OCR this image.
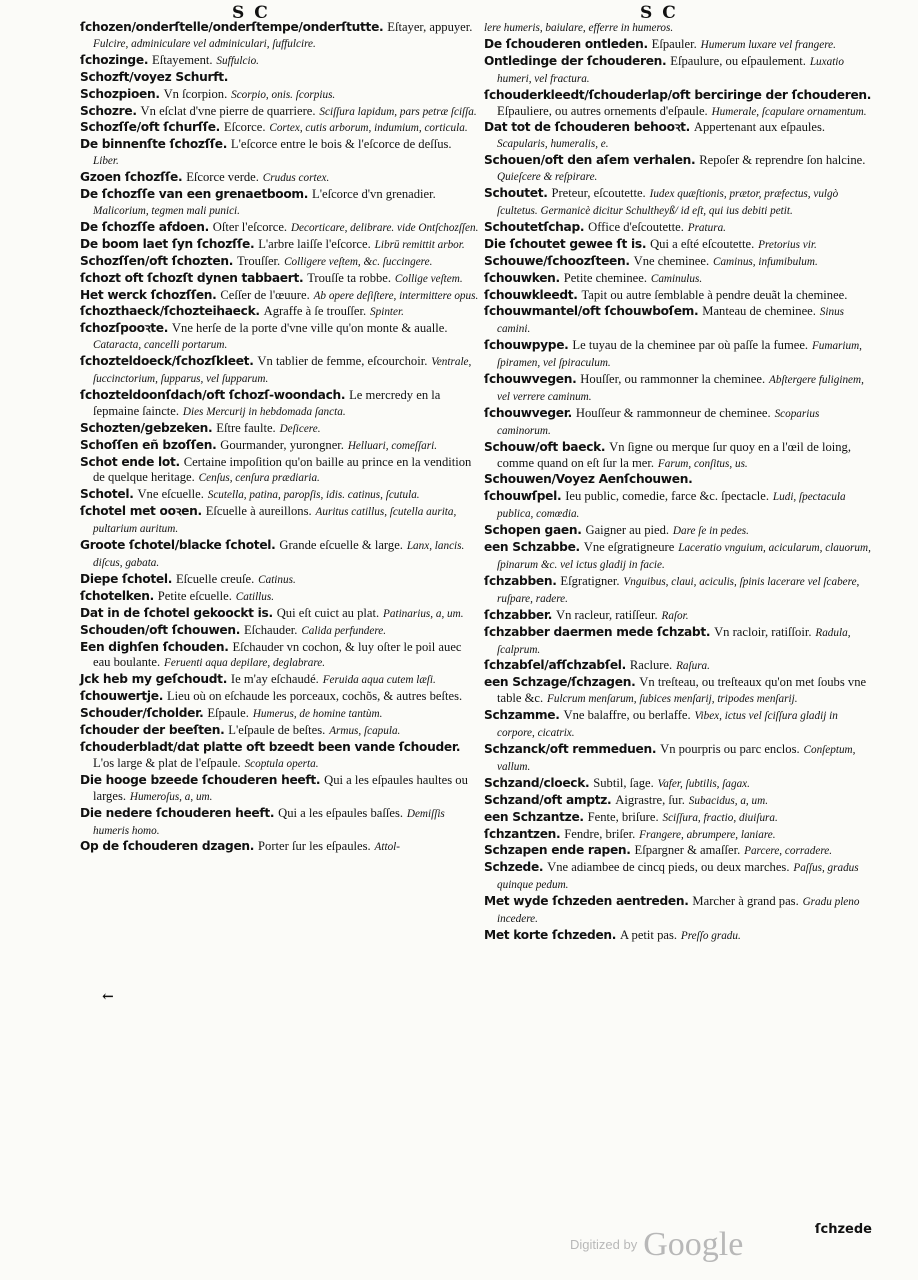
S C	S C

ſchozen/onderſtelle/onderſtempe/onderſtutte. Eſtayer, appuyer. Fulcire, adminiculare vel adminiculari, ſuffulcire.

ſchozinge. Eſtayement. Suffulcio.

Schozft/voyez Schurft.

Schozpioen. Vn ſcorpion. Scorpio, onis. ſcorpius.

Schozre. Vn eſclat d'vne pierre de quarriere. Sciſſura lapidum, pars petræ ſciſſa.

Schozſſe/oft ſchurſſe. Eſcorce. Cortex, cutis arborum, indumium, corticula.

De binnenſte ſchozſſe. L'eſcorce entre le bois & l'eſcorce de deſſus. Liber.

Gzoen ſchozſſe. Eſcorce verde. Crudus cortex.

De ſchozſſe van een grenaetboom. L'eſcorce d'vn grenadier. Malicorium, tegmen mali punici.

De ſchozſſe afdoen. Oſter l'eſcorce. Decorticare, delibrare. vide Ontſchozſſen.

De boom laet ſyn ſchozſſe. L'arbre laiſſe l'eſcorce. Librū remittit arbor.

Schozſſen/oft ſchozten. Trouſſer. Colligere veſtem, &c. ſuccingere.

ſchozt oft ſchozſt dynen tabbaert. Trouſſe ta robbe. Collige veſtem.

Het werck ſchozſſen. Ceſſer de l'œuure. Ab opere deſiſtere, intermittere opus.

ſchozthaeck/ſchozteihaeck. Agraffe à ſe trouſſer. Spinter.

ſchozſpooꝛte. Vne herſe de la porte d'vne ville qu'on monte & aualle. Cataracta, cancelli portarum.

ſchozteldoeck/ſchozſkleet. Vn tablier de femme, eſcourchoir. Ventrale, ſuccinctorium, ſupparus, vel ſupparum.

ſchozteldoonſdach/oft ſchozſ-woondach. Le mercredy en la ſepmaine ſaincte. Dies Mercurij in hebdomada ſancta.

Schozten/gebzeken. Eſtre faulte. Deſicere.

Schoſſen eñ bzoſſen. Gourmander, yurongner. Helluari, comeſſari.

Schot ende lot. Certaine impoſition qu'on baille au prince en la vendition de quelque heritage. Cenſus, cenſura prædiaria.

Schotel. Vne eſcuelle. Scutella, patina, paropſis, idis. catinus, ſcutula.

ſchotel met ooꝛen. Eſcuelle à aureillons. Auritus catillus, ſcutella aurita, pultarium auritum.

Groote ſchotel/blacke ſchotel. Grande eſcuelle & large. Lanx, lancis. diſcus, gabata.

Diepe ſchotel. Eſcuelle creuſe. Catinus.

ſchotelken. Petite eſcuelle. Catillus.

Dat in de ſchotel gekoockt is. Qui eſt cuict au plat. Patinarius, a, um.

Schouden/oft ſchouwen. Eſchauder. Calida perfundere.

Een dighſen ſchouden. Eſchauder vn cochon, & luy oſter le poil auec eau boulante. Feruenti aqua depilare, deglabrare.

Jck heb my geſchoudt. Ie m'ay eſchaudé. Feruida aqua cutem læſi.

ſchouwertje. Lieu où on eſchaude les porceaux, cochõs, & autres beſtes.

Schouder/ſcholder. Eſpaule. Humerus, de homine tantùm.

ſchouder der beeſten. L'eſpaule de beſtes. Armus, ſcapula.

ſchouderbladt/dat platte oft bzeedt been vande ſchouder. L'os large & plat de l'eſpaule. Scoptula operta.

Die hooge bzeede ſchouderen heeft. Qui a les eſpaules haultes ou larges. Humeroſus, a, um.

Die nedere ſchouderen heeft. Qui a les eſpaules baſſes. Demiſſis humeris homo.

Op de ſchouderen dzagen. Porter ſur les eſpaules. Attol-

lere humeris, baiulare, efferre in humeros.

De ſchouderen ontleden. Eſpauler. Humerum luxare vel frangere.

Ontledinge der ſchouderen. Eſpaulure, ou eſpaulement. Luxatio humeri, vel fractura.

ſchouderkleedt/ſchouderlap/oft berciringe der ſchouderen. Eſpauliere, ou autres ornements d'eſpaule. Humerale, ſcapulare ornamentum.

Dat tot de ſchouderen behooꝛt. Appertenant aux eſpaules. Scapularis, humeralis, e.

Schouen/oft den aſem verhalen. Repoſer & reprendre ſon halcine. Quieſcere & reſpirare.

Schoutet. Preteur, eſcoutette. Iudex quæſtionis, prætor, præfectus, vulgò ſcultetus. Germanicè dicitur Schultheyß/ id eſt, qui ius debiti petit.

Schoutetſchap. Office d'eſcoutette. Pratura.

Die ſchoutet gewee ſt is. Qui a eſté eſcoutette. Pretorius vir.

Schouwe/ſchoozſteen. Vne cheminee. Caminus, infumibulum.

ſchouwken. Petite cheminee. Caminulus.

ſchouwkleedt. Tapit ou autre ſemblable à pendre deuãt la cheminee.

ſchouwmantel/oft ſchouwboſem. Manteau de cheminee. Sinus camini.

ſchouwpype. Le tuyau de la cheminee par où paſſe la fumee. Fumarium, ſpiramen, vel ſpiraculum.

ſchouwvegen. Houſſer, ou rammonner la cheminee. Abſtergere fuliginem, vel verrere caminum.

ſchouwveger. Houſſeur & rammonneur de cheminee. Scoparius caminorum.

Schouw/oft baeck. Vn ſigne ou merque ſur quoy en a l'œil de loing, comme quand on eſt ſur la mer. Farum, conſitus, us.

Schouwen/Voyez Aenſchouwen.

ſchouwſpel. Ieu public, comedie, farce &c. ſpectacle. Ludi, ſpectacula publica, comœdia.

Schopen gaen. Gaigner au pied. Dare ſe in pedes.

een Schzabbe. Vne eſgratigneure Laceratio vnguium, acicularum, clauorum, ſpinarum &c. vel ictus gladij in facie.

ſchzabben. Eſgratigner. Vnguibus, claui, aciculis, ſpinis lacerare vel ſcabere, ruſpare, radere.

ſchzabber. Vn racleur, ratiſſeur. Raſor.

ſchzabber daermen mede ſchzabt. Vn racloir, ratiſſoir. Radula, ſcalprum.

ſchzabſel/afſchzabſel. Raclure. Raſura.

een Schzage/ſchzagen. Vn treſteau, ou treſteaux qu'on met ſoubs vne table &c. Fulcrum menſarum, ſubices menſarij, tripodes menſarij.

Schzamme. Vne balaffre, ou berlaffe. Vibex, ictus vel ſciſſura gladij in corpore, cicatrix.

Schzanck/oft remmeduen. Vn pourpris ou parc enclos. Conſeptum, vallum.

Schzand/cloeck. Subtil, ſage. Vafer, ſubtilis, ſagax.

Schzand/oft amptz. Aigrastre, ſur. Subacidus, a, um.

een Schzantze. Fente, briſure. Sciſſura, fractio, diuiſura.

ſchzantzen. Fendre, briſer. Frangere, abrumpere, laniare.

Schzapen ende rapen. Eſpargner & amaſſer. Parcere, corradere.

Schzede. Vne adiambee de cincq pieds, ou deux marches. Paſſus, gradus quinque pedum.

Met wyde ſchzeden aentreden. Marcher à grand pas. Gradu pleno incedere.

Met korte ſchzeden. A petit pas. Preſſo gradu.

←
ſchzede
$^{Digitized by}$ Google
